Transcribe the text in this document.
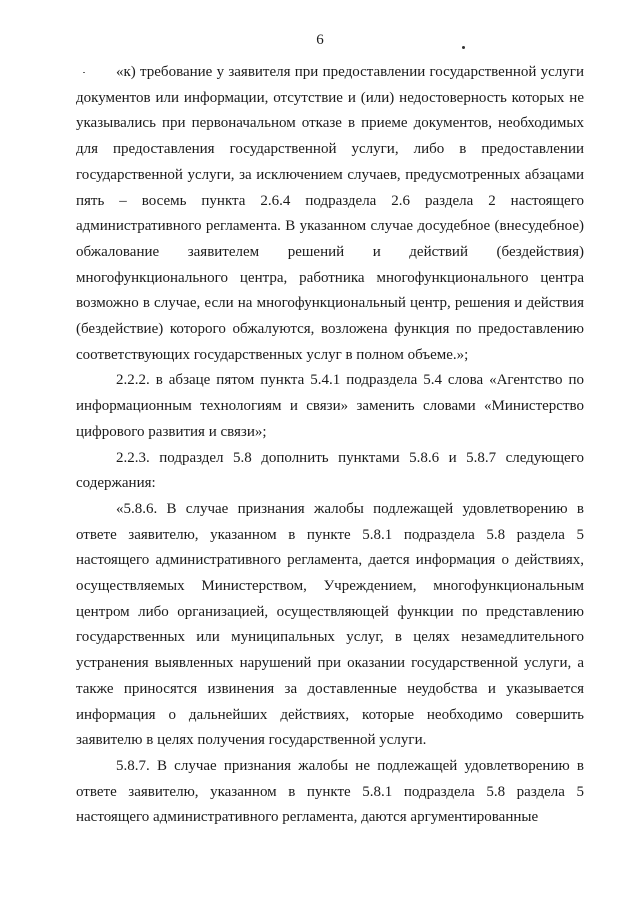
6

«к) требование у заявителя при предоставлении государственной услуги документов или информации, отсутствие и (или) недостоверность которых не указывались при первоначальном отказе в приеме документов, необходимых для предоставления государственной услуги, либо в предоставлении государственной услуги, за исключением случаев, предусмотренных абзацами пять – восемь пункта 2.6.4 подраздела 2.6 раздела 2 настоящего административного регламента. В указанном случае досудебное (внесудебное) обжалование заявителем решений и действий (бездействия) многофункционального центра, работника многофункционального центра возможно в случае, если на многофункциональный центр, решения и действия (бездействие) которого обжалуются, возложена функция по предоставлению соответствующих государственных услуг в полном объеме.»;

2.2.2. в абзаце пятом пункта 5.4.1 подраздела 5.4 слова «Агентство по информационным технологиям и связи» заменить словами «Министерство цифрового развития и связи»;

2.2.3. подраздел 5.8 дополнить пунктами 5.8.6 и 5.8.7 следующего содержания:

«5.8.6. В случае признания жалобы подлежащей удовлетворению в ответе заявителю, указанном в пункте 5.8.1 подраздела 5.8 раздела 5 настоящего административного регламента, дается информация о действиях, осуществляемых Министерством, Учреждением, многофункциональным центром либо организацией, осуществляющей функции по представлению государственных или муниципальных услуг, в целях незамедлительного устранения выявленных нарушений при оказании государственной услуги, а также приносятся извинения за доставленные неудобства и указывается информация о дальнейших действиях, которые необходимо совершить заявителю в целях получения государственной услуги.

5.8.7. В случае признания жалобы не подлежащей удовлетворению в ответе заявителю, указанном в пункте 5.8.1 подраздела 5.8 раздела 5 настоящего административного регламента, даются аргументированные
